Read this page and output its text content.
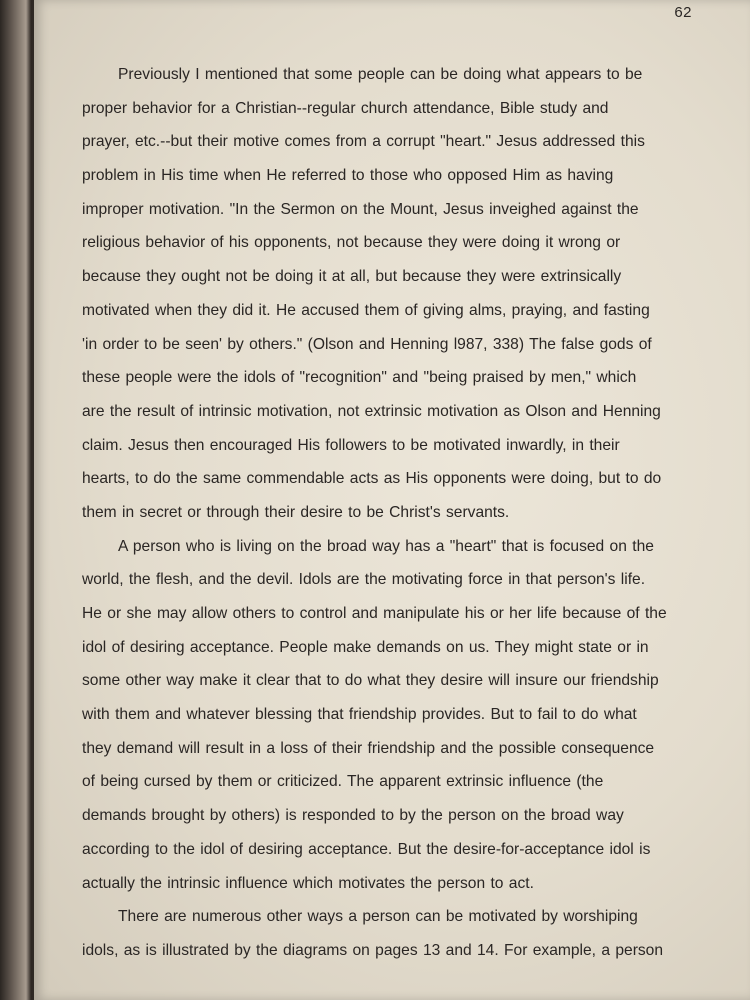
62
Previously I mentioned that some people can be doing what appears to be
proper behavior for a Christian--regular church attendance, Bible study and
prayer, etc.--but their motive comes from a corrupt "heart." Jesus addressed this
problem in His time when He referred to those who opposed Him as having
improper motivation. "In the Sermon on the Mount, Jesus inveighed against the
religious behavior of his opponents, not because they were doing it wrong or
because they ought not be doing it at all, but because they were extrinsically
motivated when they did it. He accused them of giving alms, praying, and fasting
'in order to be seen' by others." (Olson and Henning l987, 338) The false gods of
these people were the idols of "recognition" and "being praised by men," which
are the result of intrinsic motivation, not extrinsic motivation as Olson and Henning
claim. Jesus then encouraged His followers to be motivated inwardly, in their
hearts, to do the same commendable acts as His opponents were doing, but to do
them in secret or through their desire to be Christ's servants.
A person who is living on the broad way has a "heart" that is focused on the
world, the flesh, and the devil. Idols are the motivating force in that person's life.
He or she may allow others to control and manipulate his or her life because of the
idol of desiring acceptance. People make demands on us. They might state or in
some other way make it clear that to do what they desire will insure our friendship
with them and whatever blessing that friendship provides. But to fail to do what
they demand will result in a loss of their friendship and the possible consequence
of being cursed by them or criticized. The apparent extrinsic influence (the
demands brought by others) is responded to by the person on the broad way
according to the idol of desiring acceptance. But the desire-for-acceptance idol is
actually the intrinsic influence which motivates the person to act.
There are numerous other ways a person can be motivated by worshiping
idols, as is illustrated by the diagrams on pages 13 and 14. For example, a person
